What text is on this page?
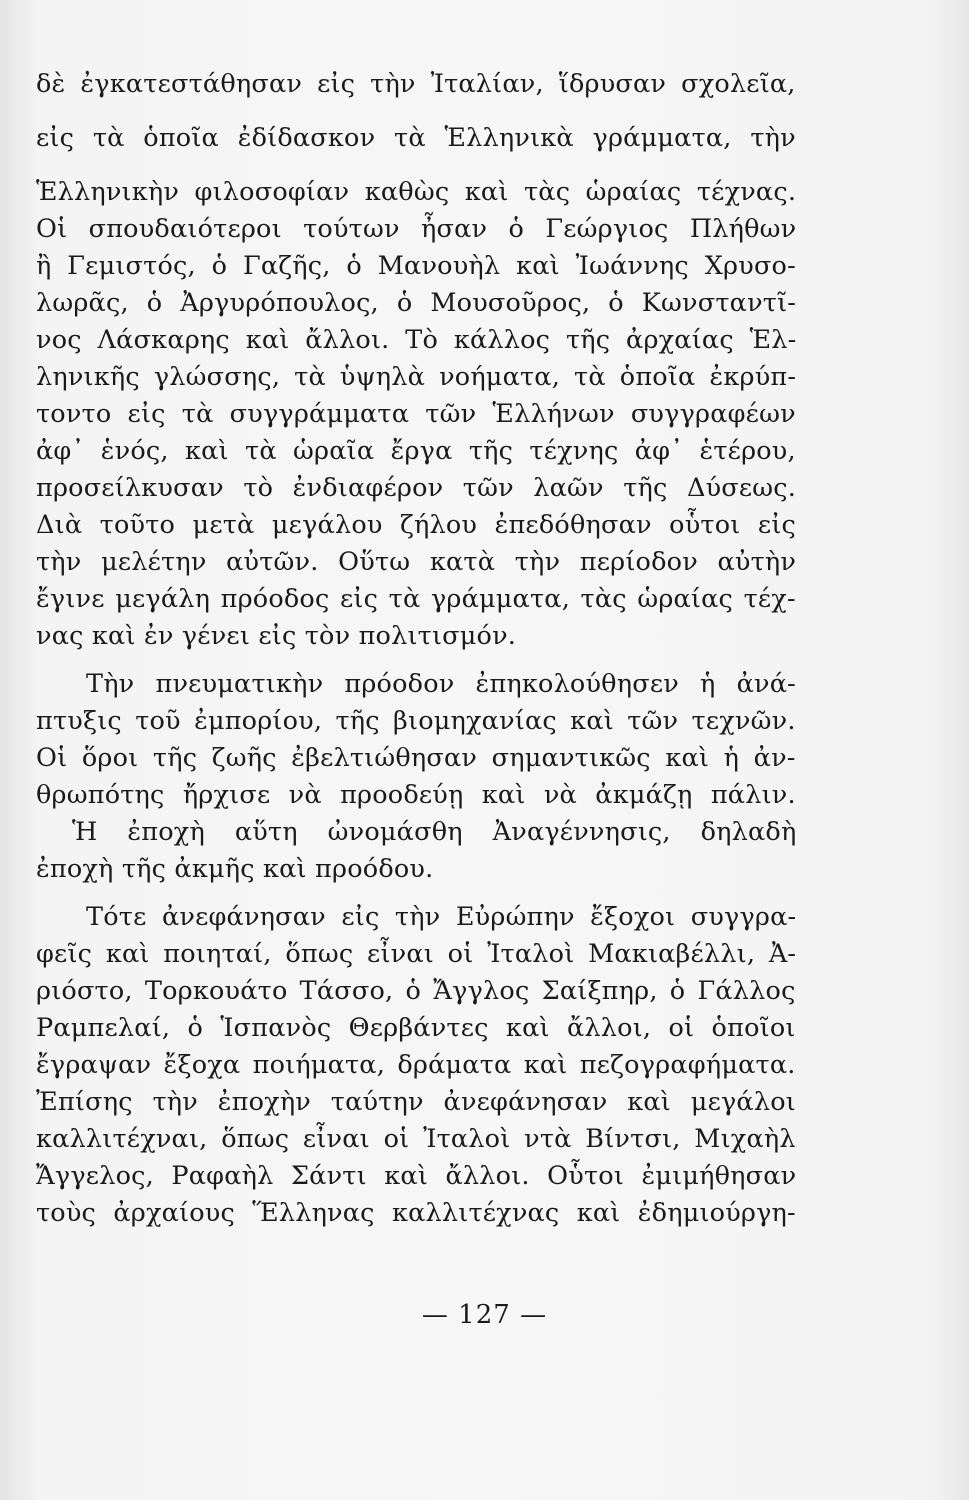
δὲ ἐγκατεστάθησαν εἰς τὴν Ἰταλίαν, ἵδρυσαν σχολεῖα,
εἰς τὰ ὁποῖα ἐδίδασκον τὰ Ἑλληνικὰ γράμματα, τὴν
Ἑλληνικὴν φιλοσοφίαν καθὼς καὶ τὰς ὡραίας τέχνας.
Οἱ σπουδαιότεροι τούτων ἦσαν ὁ Γεώργιος Πλήθων
ἢ Γεμιστός, ὁ Γαζῆς, ὁ Μανουὴλ καὶ Ἰωάννης Χρυσο-
λωρᾶς, ὁ Ἀργυρόπουλος, ὁ Μουσοῦρος, ὁ Κωνσταντῖ-
νος Λάσκαρης καὶ ἄλλοι. Τὸ κάλλος τῆς ἀρχαίας Ἑλ-
ληνικῆς γλώσσης, τὰ ὑψηλὰ νοήματα, τὰ ὁποῖα ἐκρύπ-
τοντο εἰς τὰ συγγράμματα τῶν Ἑλλήνων συγγραφέων
ἀφ᾽ ἑνός, καὶ τὰ ὡραῖα ἔργα τῆς τέχνης ἀφ᾽ ἑτέρου,
προσείλκυσαν τὸ ἐνδιαφέρον τῶν λαῶν τῆς Δύσεως.
Διὰ τοῦτο μετὰ μεγάλου ζήλου ἐπεδόθησαν οὗτοι εἰς
τὴν μελέτην αὐτῶν. Οὕτω κατὰ τὴν περίοδον αὐτὴν
ἔγινε μεγάλη πρόοδος εἰς τὰ γράμματα, τὰς ὡραίας τέχ-
νας καὶ ἐν γένει εἰς τὸν πολιτισμόν.
Τὴν πνευματικὴν πρόοδον ἐπηκολούθησεν ἡ ἀνά-
πτυξις τοῦ ἐμπορίου, τῆς βιομηχανίας καὶ τῶν τεχνῶν.
Οἱ ὅροι τῆς ζωῆς ἐβελτιώθησαν σημαντικῶς καὶ ἡ ἀν-
θρωπότης ἤρχισε νὰ προοδεύῃ καὶ νὰ ἀκμάζῃ πάλιν.
Ἡ ἐποχὴ αὕτη ὠνομάσθη Ἀναγέννησις, δηλαδὴ
ἐποχὴ τῆς ἀκμῆς καὶ προόδου.
Τότε ἀνεφάνησαν εἰς τὴν Εὐρώπην ἔξοχοι συγγρα-
φεῖς καὶ ποιηταί, ὅπως εἶναι οἱ Ἰταλοὶ Μακιαβέλλι, Ἀ-
ριόστο, Τορκουάτο Τάσσο, ὁ Ἄγγλος Σαίξπηρ, ὁ Γάλλος
Ραμπελαί, ὁ Ἱσπανὸς Θερβάντες καὶ ἄλλοι, οἱ ὁποῖοι
ἔγραψαν ἔξοχα ποιήματα, δράματα καὶ πεζογραφήματα.
Ἐπίσης τὴν ἐποχὴν ταύτην ἀνεφάνησαν καὶ μεγάλοι
καλλιτέχναι, ὅπως εἶναι οἱ Ἰταλοὶ ντὰ Βίντσι, Μιχαὴλ
Ἄγγελος, Ραφαὴλ Σάντι καὶ ἄλλοι. Οὗτοι ἐμιμήθησαν
τοὺς ἀρχαίους Ἕλληνας καλλιτέχνας καὶ ἐδημιούργη-
— 127 —
